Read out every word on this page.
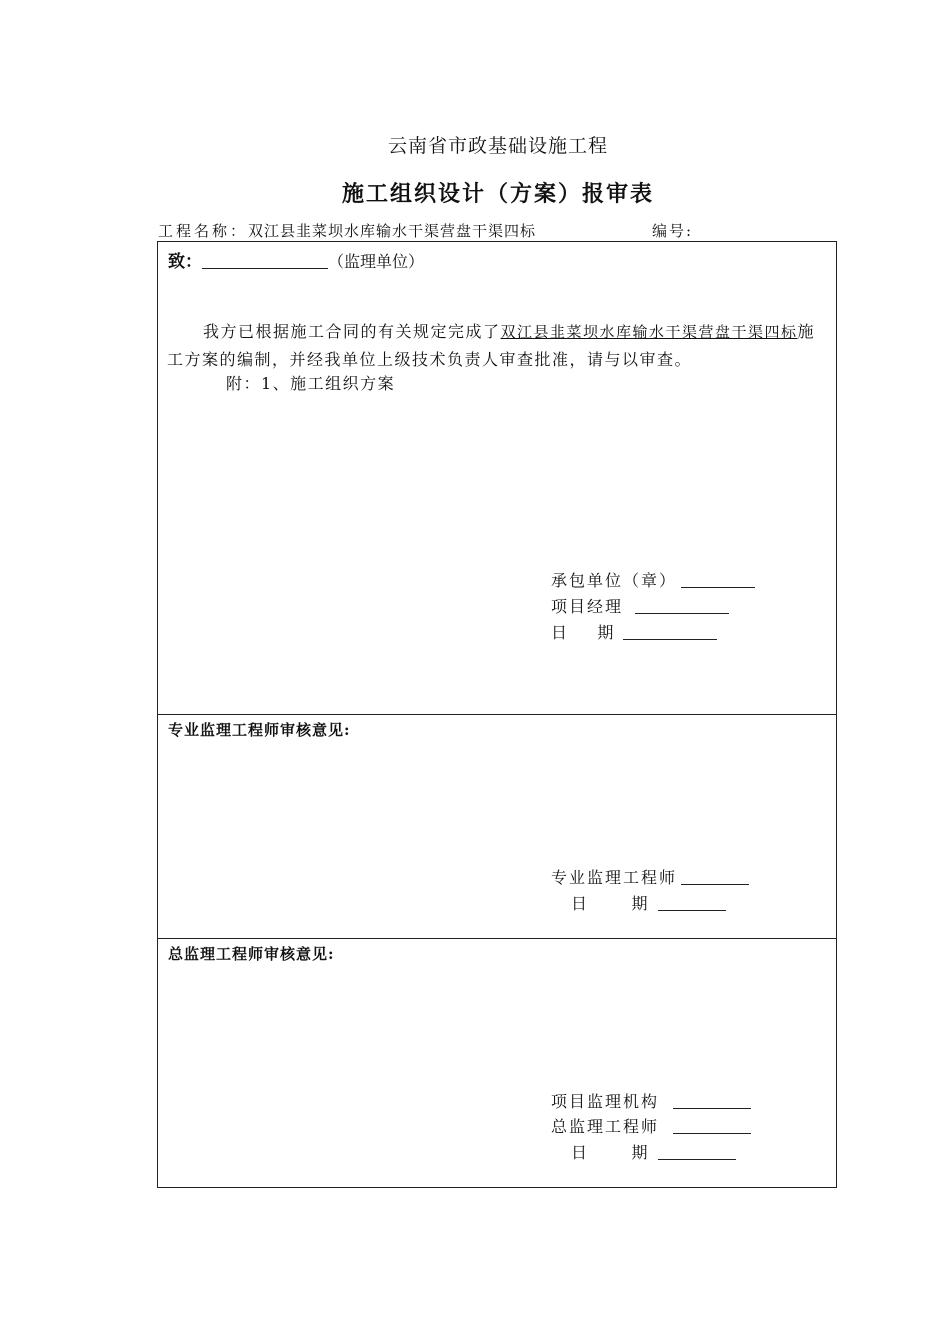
云南省市政基础设施工程
施工组织设计（方案）报审表
工程名称：双江县韭菜坝水库输水干渠营盘干渠四标	编号:
致：	（监理单位）
我方已根据施工合同的有关规定完成了双江县韭菜坝水库输水干渠营盘干渠四标施工方案的编制，并经我单位上级技术负责人审查批准，请与以审查。
附：1、施工组织方案
承包单位（章）
项目经理
日    期
专业监理工程师审核意见:
专业监理工程师
日      期
总监理工程师审核意见:
项目监理机构
总监理工程师
日      期
